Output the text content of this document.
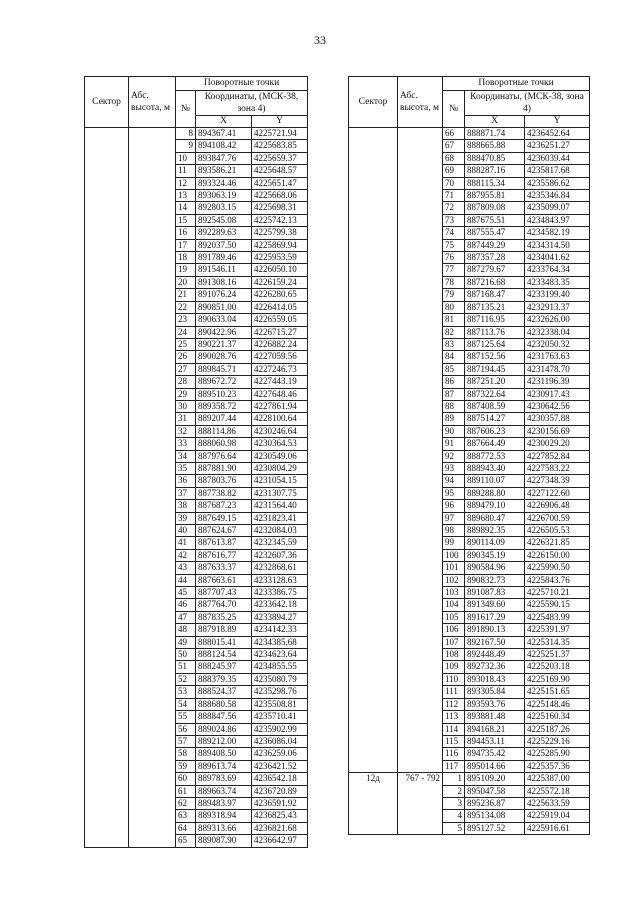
33
Сектор	Абс. высота, м	Поворотные точки		
		№	Координаты, (МСК-38, зона 4)	
			X	Y
		8	894367.41	4225721.94
		9	894108.42	4225683.85
		10	893847.76	4225659.37
		11	893586.21	4225648.57
		12	893324.46	4225651.47
		13	893063.19	4225668.06
		14	892803.15	4225698.31
		15	892545.08	4225742.13
		16	892289.63	4225799.38
		17	892037.50	4225869.94
		18	891789.46	4225953.59
		19	891546.11	4226050.10
		20	891308.16	4226159.24
		21	891076.24	4226280.65
		22	890851.00	4226414.05
		23	890633.04	4226559.05
		24	890422.96	4226715.27
		25	890221.37	4226882.24
		26	890028.76	4227059.56
		27	889845.71	4227246.73
		28	889672.72	4227443.19
		29	889510.23	4227648.46
		30	889358.72	4227861.94
		31	889207.44	4228100.64
		32	888114.86	4230246.64
		33	888060.98	4230364.53
		34	887976.64	4230549.06
		35	887881.90	4230804.29
		36	887803.76	4231054.15
		37	887738.82	4231307.75
		38	887687.23	4231564.40
		39	887649.15	4231823.41
		40	887624.67	4232084.03
		41	887613.87	4232345.59
		42	887616.77	4232607.36
		43	887633.37	4232868.61
		44	887663.61	4233128.63
		45	887707.43	4233386.75
		46	887764.70	4233642.18
		47	887835.25	4233894.27
		48	887918.89	4234142.33
		49	888015.41	4234385.68
		50	888124.54	4234623.64
		51	888245.97	4234855.55
		52	888379.35	4235080.79
		53	888524.37	4235298.76
		54	888680.58	4235508.81
		55	888847.56	4235710.41
		56	889024.86	4235902.99
		57	889212.00	4236086.04
		58	889408.50	4236259.06
		59	889613.74	4236421.52
		60	889783.69	4236542.18
		61	889663.74	4236720.89
		62	889483.97	4236591.92
		63	889318.94	4236825.43
		64	889313.66	4236821.68
		65	889087.90	4236642.97
Сектор	Абс. высота, м	Поворотные точки		
		№	Координаты, (МСК-38, зона 4)	
			X	Y
		66	888871.74	4236452.64
		67	888665.88	4236251.27
		68	888470.85	4236039.44
		69	888287.16	4235817.68
		70	888115.34	4235586.62
		71	887955.81	4235346.84
		72	887809.08	4235099.07
		73	887675.51	4234843.97
		74	887555.47	4234582.19
		75	887449.29	4234314.50
		76	887357.28	4234041.62
		77	887279.67	4233764.34
		78	887216.68	4233483.35
		79	887168.47	4233199.40
		80	887135.21	4232913.37
		81	887116.95	4232626.00
		82	887113.76	4232338.04
		83	887125.64	4232050.32
		84	887152.56	4231763.63
		85	887194.45	4231478.70
		86	887251.20	4231196.39
		87	887322.64	4230917.43
		88	887408.59	4230642.56
		89	887514.27	4230357.88
		90	887606.23	4230156.69
		91	887664.49	4230029.20
		92	888772.53	4227852.84
		93	888943.40	4227583.22
		94	889110.07	4227348.39
		95	889288.80	4227122.60
		96	889479.10	4226906.48
		97	889680.47	4226700.59
		98	889892.35	4226505.53
		99	890114.09	4226321.85
		100	890345.19	4226150.00
		101	890584.96	4225990.50
		102	890832.73	4225843.76
		103	891087.83	4225710.21
		104	891349.60	4225590.15
		105	891617.29	4225483.99
		106	891890.13	4225391.97
		107	892167.50	4225314.35
		108	892448.49	4225251.37
		109	892732.36	4225203.18
		110	893018.43	4225169.90
		111	893305.84	4225151.65
		112	893593.76	4225148.46
		113	893881.48	4225160.34
		114	894168.21	4225187.26
		115	894453.11	4225229.16
		116	894735.42	4225285.90
		117	895014.66	4225357.36
12д	767 - 792	1	895109.20	4225387.00
		2	895047.58	4225572.18
		3	895236.87	4225633.59
		4	895134.08	4225919.04
		5	895127.52	4225916.61
